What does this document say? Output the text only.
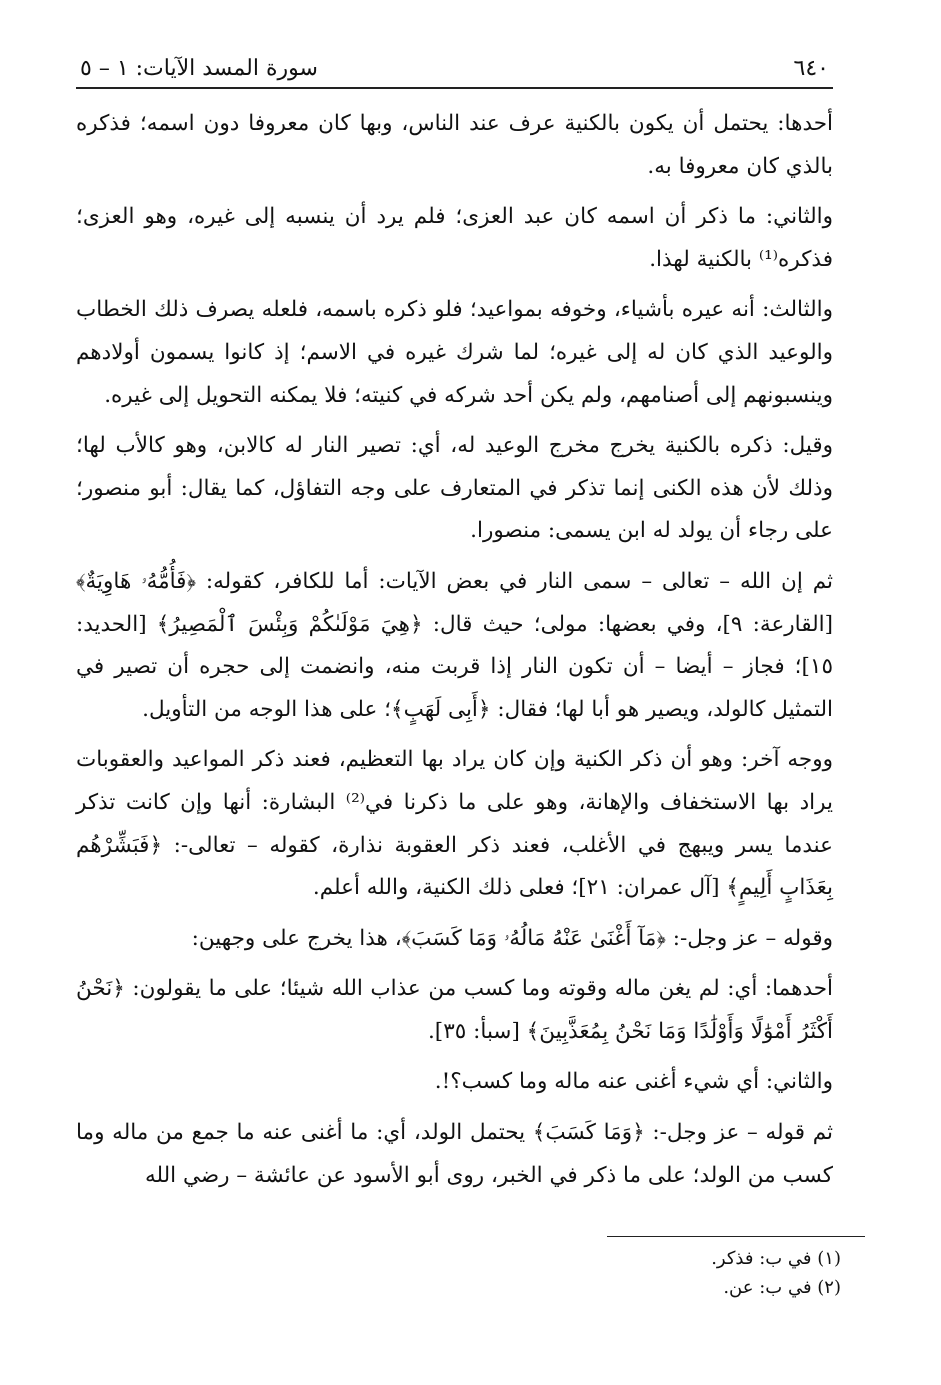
٦٤٠
سورة المسد الآيات: ١ – ٥

أحدها: يحتمل أن يكون بالكنية عرف عند الناس، وبها كان معروفا دون اسمه؛ فذكره بالذي كان معروفا به.

والثاني: ما ذكر أن اسمه كان عبد العزى؛ فلم يرد أن ينسبه إلى غيره، وهو العزى؛ فذكره⁽¹⁾ بالكنية لهذا.

والثالث: أنه عيره بأشياء، وخوفه بمواعيد؛ فلو ذكره باسمه، فلعله يصرف ذلك الخطاب والوعيد الذي كان له إلى غيره؛ لما شرك غيره في الاسم؛ إذ كانوا يسمون أولادهم وينسبونهم إلى أصنامهم، ولم يكن أحد شركه في كنيته؛ فلا يمكنه التحويل إلى غيره.

وقيل: ذكره بالكنية يخرج مخرج الوعيد له، أي: تصير النار له كالابن، وهو كالأب لها؛ وذلك لأن هذه الكنى إنما تذكر في المتعارف على وجه التفاؤل، كما يقال: أبو منصور؛ على رجاء أن يولد له ابن يسمى: منصورا.

ثم إن الله – تعالى – سمى النار في بعض الآيات: أما للكافر، كقوله: ﴿فَأُمُّهُۥ هَاوِيَةٌ﴾ [القارعة: ٩]، وفي بعضها: مولى؛ حيث قال: ﴿هِيَ مَوْلَىٰكُمْ وَبِئْسَ ٱلْمَصِيرُ﴾ [الحديد: ١٥]؛ فجاز – أيضا – أن تكون النار إذا قربت منه، وانضمت إلى حجره أن تصير في التمثيل كالولد، ويصير هو أبا لها؛ فقال: ﴿أَبِى لَهَبٍ﴾؛ على هذا الوجه من التأويل.

ووجه آخر: وهو أن ذكر الكنية وإن كان يراد بها التعظيم، فعند ذكر المواعيد والعقوبات يراد بها الاستخفاف والإهانة، وهو على ما ذكرنا في⁽²⁾ البشارة: أنها وإن كانت تذكر عندما يسر ويبهج في الأغلب، فعند ذكر العقوبة نذارة، كقوله – تعالى-: ﴿فَبَشِّرْهُم بِعَذَابٍ أَلِيمٍ﴾ [آل عمران: ٢١]؛ فعلى ذلك الكنية، والله أعلم.

وقوله – عز وجل-: ﴿مَآ أَغْنَىٰ عَنْهُ مَالُهُۥ وَمَا كَسَبَ﴾، هذا يخرج على وجهين:

أحدهما: أي: لم يغن ماله وقوته وما كسب من عذاب الله شيئا؛ على ما يقولون: ﴿نَحْنُ أَكْثَرُ أَمْوَٰلًا وَأَوْلَٰدًا وَمَا نَحْنُ بِمُعَذَّبِينَ﴾ [سبأ: ٣٥].

والثاني: أي شيء أغنى عنه ماله وما كسب؟!.

ثم قوله – عز وجل-: ﴿وَمَا كَسَبَ﴾ يحتمل الولد، أي: ما أغنى عنه ما جمع من ماله وما كسب من الولد؛ على ما ذكر في الخبر، روى أبو الأسود عن عائشة – رضي الله

(١) في ب: فذكر.
(٢) في ب: عن.
